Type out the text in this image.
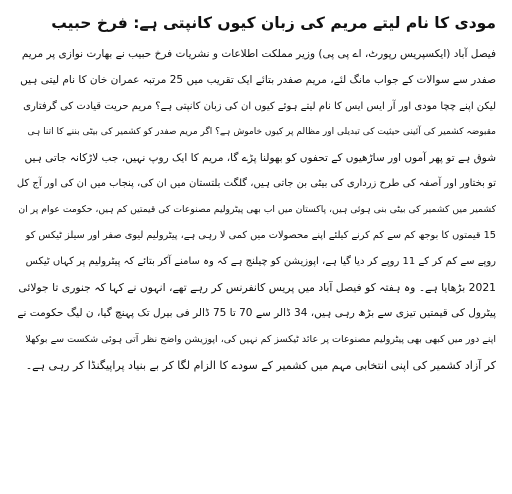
مودی کا نام لیتے مریم کی زبان کیوں کانپتی ہے: فرخ حبیب
فیصل آباد (ایکسپریس رپورٹ، اے پی پی) وزیر مملکت اطلاعات و نشریات فرخ حبیب نے بھارت نوازی پر مریم
صفدر سے سوالات کے جواب مانگ لئے، مریم صفدر بتائے ایک تقریب میں 25 مرتبہ عمران خان کا نام لیتی ہیں
لیکن اپنے چچا مودی اور آر ایس ایس کا نام لیتے ہوئے کیوں ان کی زبان کانپتی ہے؟ مریم حریت قیادت کی گرفتاری
مقبوضہ کشمیر کی آئینی حیثیت کی تبدیلی اور مظالم پر کیوں خاموش ہے؟ اگر مریم صفدر کو کشمیر کی بیٹی بننے کا اتنا ہی
شوق ہے تو پھر آموں اور ساڑھیوں کے تحفوں کو بھولنا پڑے گا، مریم کا ایک روپ نہیں، جب لاڑکانہ جاتی ہیں
تو بختاور اور آصفہ کی طرح زرداری کی بیٹی بن جاتی ہیں، گلگت بلتستان میں ان کی، پنجاب میں ان کی اور آج کل
کشمیر میں کشمیر کی بیٹی بنی ہوئی ہیں، پاکستان میں اب بھی پیٹرولیم مصنوعات کی قیمتیں کم ہیں، حکومت عوام پر ان
15 قیمتوں کا بوجھ کم سے کم کرنے کیلئے اپنے محصولات میں کمی لا رہی ہے، پیٹرولیم لیوی صفر اور سیلز ٹیکس کو
روپے سے کم کر کے 11 روپے کر دیا گیا ہے، اپوزیشن کو چیلنج ہے کہ وہ سامنے آکر بتائے کہ پیٹرولیم پر کہاں ٹیکس
2021 بڑھایا ہے۔ وہ ہفتہ کو فیصل آباد میں پریس کانفرنس کر رہے تھے، انہوں نے کہا کہ جنوری تا جولائی
پیٹرول کی قیمتیں تیزی سے بڑھ رہی ہیں، 34 ڈالر سے 70 تا 75 ڈالر فی بیرل تک پہنچ گیا، ن لیگ حکومت نے
اپنے دور میں کبھی بھی پیٹرولیم مصنوعات پر عائد ٹیکسز کم نہیں کی، اپوزیشن واضح نظر آتی ہوئی شکست سے بوکھلا
کر آزاد کشمیر کی اپنی انتخابی مہم میں کشمیر کے سودے کا الزام لگا کر بے بنیاد پراپیگنڈا کر رہی ہے۔
